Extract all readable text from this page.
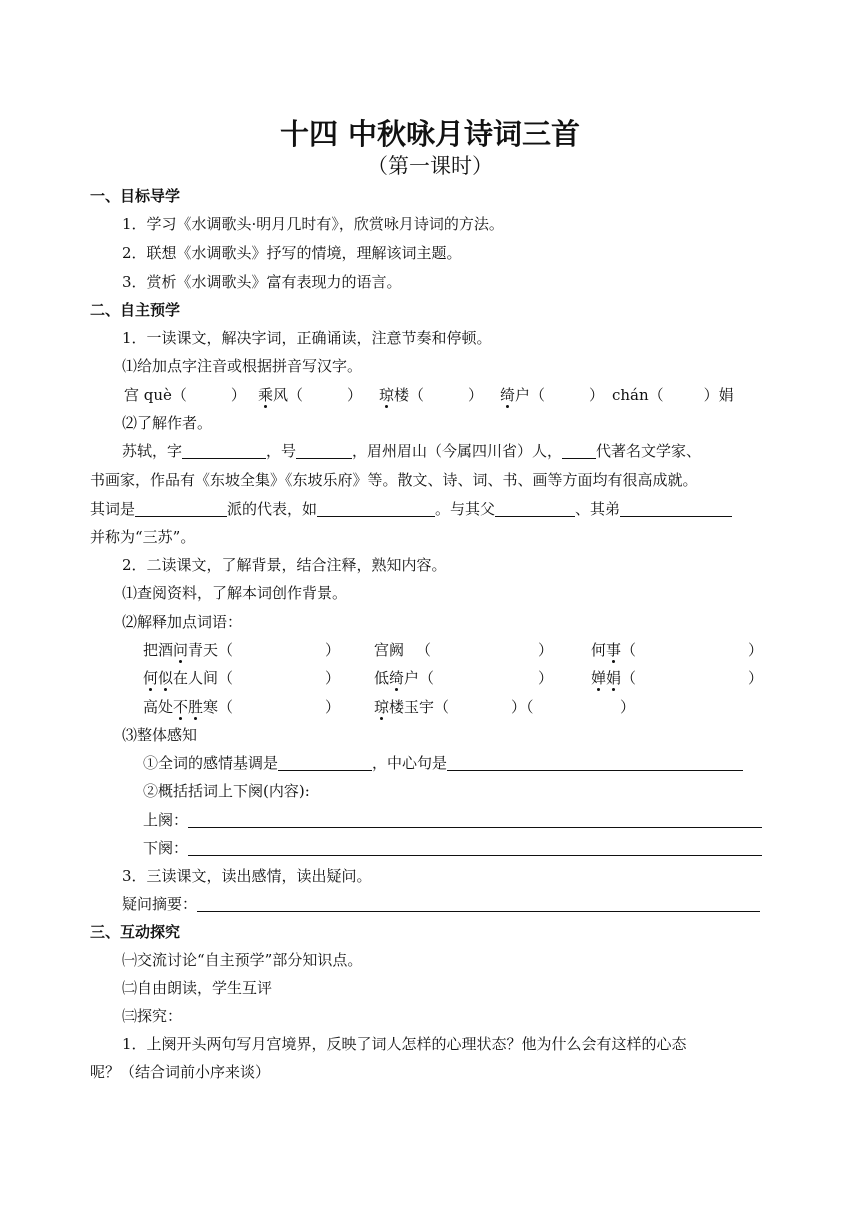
十四 中秋咏月诗词三首
（第一课时）
一、目标导学
1．学习《水调歌头·明月几时有》，欣赏咏月诗词的方法。
2．联想《水调歌头》抒写的情境，理解该词主题。
3．赏析《水调歌头》富有表现力的语言。
二、自主预学
1．一读课文，解决字词，正确诵读，注意节奏和停顿。
⑴给加点字注音或根据拼音写汉字。
宫 què（	） 乘风（	） 琼楼（	） 绮户（	） chán（	）娟
⑵了解作者。
苏轼，字	，号	，眉州眉山（今属四川省）人， 代著名文学家、
书画家，作品有《东坡全集》《东坡乐府》等。散文、诗、词、书、画等方面均有很高成就。
其词是	派的代表，如	。与其父	、其弟
并称为“三苏”。
2．二读课文，了解背景，结合注释，熟知内容。
⑴查阅资料，了解本词创作背景。
⑵解释加点词语：
把酒问青天（	） 宫阙 （	）	何事（	）
何似在人间（	） 低绮户（	）	婵娟（	）
高处不胜寒（	） 琼楼玉宇（	）（	）
⑶整体感知
①全词的感情基调是	，中心句是
②概括括词上下阕(内容):
上阕：
下阕：
3．三读课文，读出感情，读出疑问。
疑问摘要：
三、互动探究
㈠交流讨论“自主预学”部分知识点。
㈡自由朗读，学生互评
㈢探究：
1．上阕开头两句写月宫境界，反映了词人怎样的心理状态？他为什么会有这样的心态
呢？（结合词前小序来谈）
